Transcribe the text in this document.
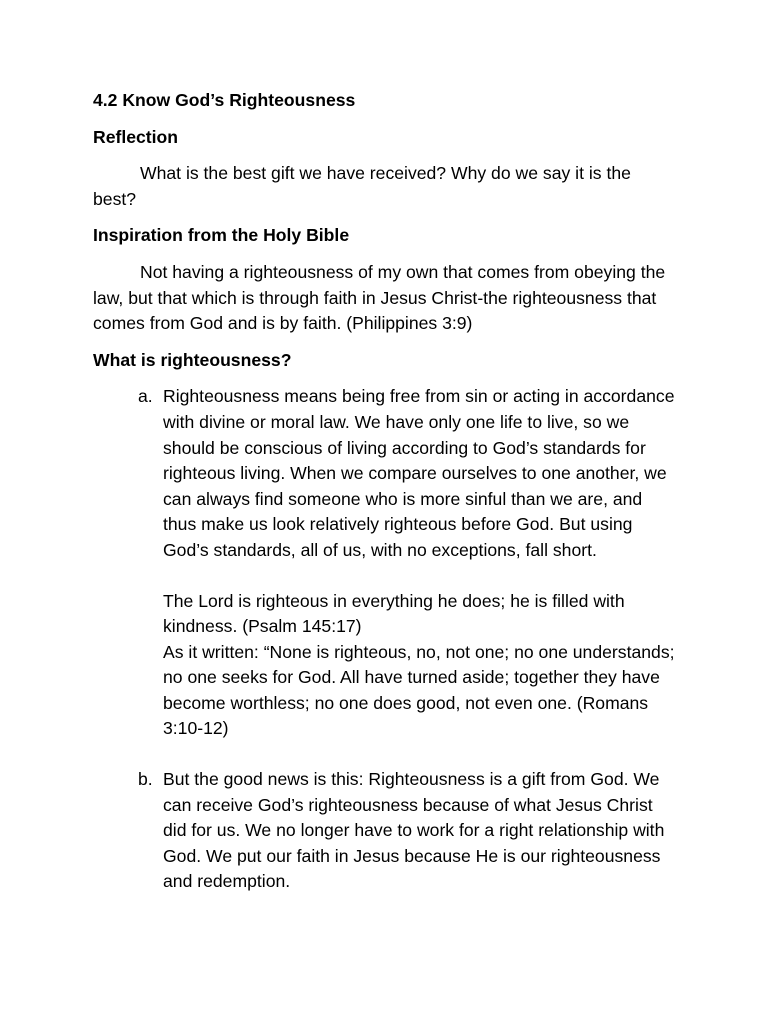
4.2 Know God’s Righteousness

Reflection

What is the best gift we have received? Why do we say it is the best?

Inspiration from the Holy Bible

Not having a righteousness of my own that comes from obeying the law, but that which is through faith in Jesus Christ-the righteousness that comes from God and is by faith. (Philippines 3:9)

What is righteousness?

a. Righteousness means being free from sin or acting in accordance with divine or moral law. We have only one life to live, so we should be conscious of living according to God’s standards for righteous living. When we compare ourselves to one another, we can always find someone who is more sinful than we are, and thus make us look relatively righteous before God. But using God’s standards, all of us, with no exceptions, fall short.

The Lord is righteous in everything he does; he is filled with kindness. (Psalm 145:17)

As it written: “None is righteous, no, not one; no one understands; no one seeks for God. All have turned aside; together they have become worthless; no one does good, not even one. (Romans 3:10-12)

b. But the good news is this: Righteousness is a gift from God. We can receive God’s righteousness because of what Jesus Christ did for us. We no longer have to work for a right relationship with God. We put our faith in Jesus because He is our righteousness and redemption.
